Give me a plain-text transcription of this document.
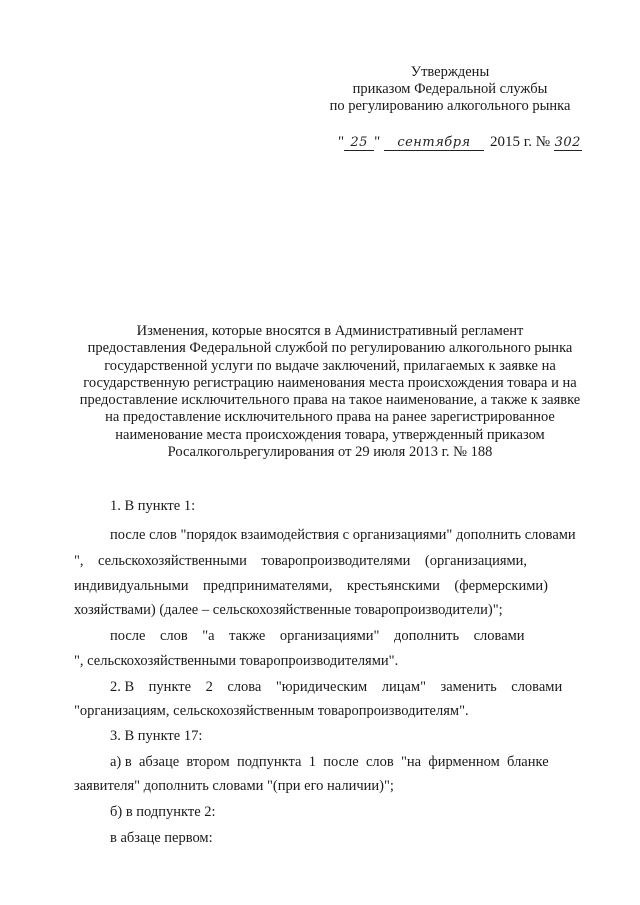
Утверждены
приказом Федеральной службы
по регулированию алкогольного рынка
" 25 " сентября 2015 г. № 302
Изменения, которые вносятся в Административный регламент
предоставления Федеральной службой по регулированию алкогольного рынка
государственной услуги по выдаче заключений, прилагаемых к заявке на
государственную регистрацию наименования места происхождения товара и на
предоставление исключительного права на такое наименование, а также к заявке
на предоставление исключительного права на ранее зарегистрированное
наименование места происхождения товара, утвержденный приказом
Росалкогольрегулирования от 29 июля 2013 г. № 188
1. В пункте 1:
после слов "порядок взаимодействия с организациями" дополнить словами
",    сельскохозяйственными    товаропроизводителями    (организациями,
индивидуальными    предпринимателями,    крестьянскими    (фермерскими)
хозяйствами) (далее – сельскохозяйственные товаропроизводители)";
после    слов    "а    также    организациями"    дополнить    словами
", сельскохозяйственными товаропроизводителями".
2. В    пункте    2    слова    "юридическим    лицам"    заменить    словами
"организациям, сельскохозяйственным товаропроизводителям".
3. В пункте 17:
а) в  абзаце  втором  подпункта  1  после  слов  "на  фирменном  бланке
заявителя" дополнить словами "(при его наличии)";
б) в подпункте 2:
в абзаце первом:
